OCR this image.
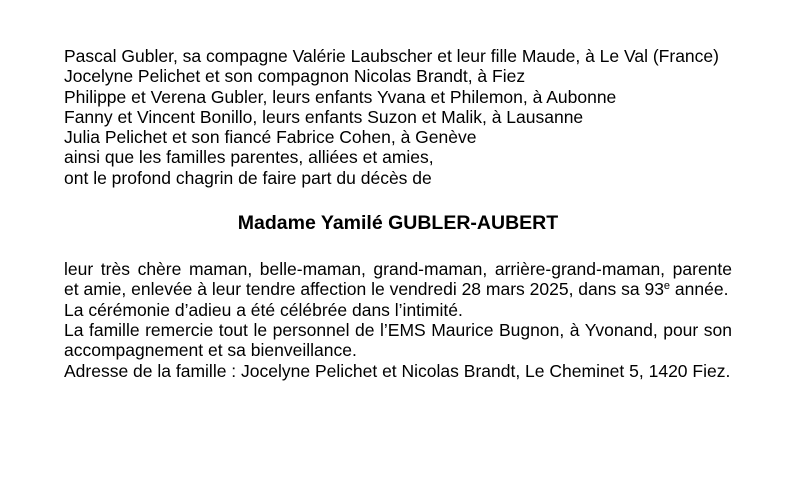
Pascal Gubler, sa compagne Valérie Laubscher et leur fille Maude, à Le Val (France)
Jocelyne Pelichet et son compagnon Nicolas Brandt, à Fiez
Philippe et Verena Gubler, leurs enfants Yvana et Philemon, à Aubonne
Fanny et Vincent Bonillo, leurs enfants Suzon et Malik, à Lausanne
Julia Pelichet et son fiancé Fabrice Cohen, à Genève
ainsi que les familles parentes, alliées et amies,
ont le profond chagrin de faire part du décès de
Madame Yamilé GUBLER-AUBERT
leur très chère maman, belle-maman, grand-maman, arrière-grand-maman, parente et amie, enlevée à leur tendre affection le vendredi 28 mars 2025, dans sa 93e année.
La cérémonie d’adieu a été célébrée dans l’intimité.
La famille remercie tout le personnel de l’EMS Maurice Bugnon, à Yvonand, pour son accompagnement et sa bienveillance.
Adresse de la famille : Jocelyne Pelichet et Nicolas Brandt, Le Cheminet 5, 1420 Fiez.
